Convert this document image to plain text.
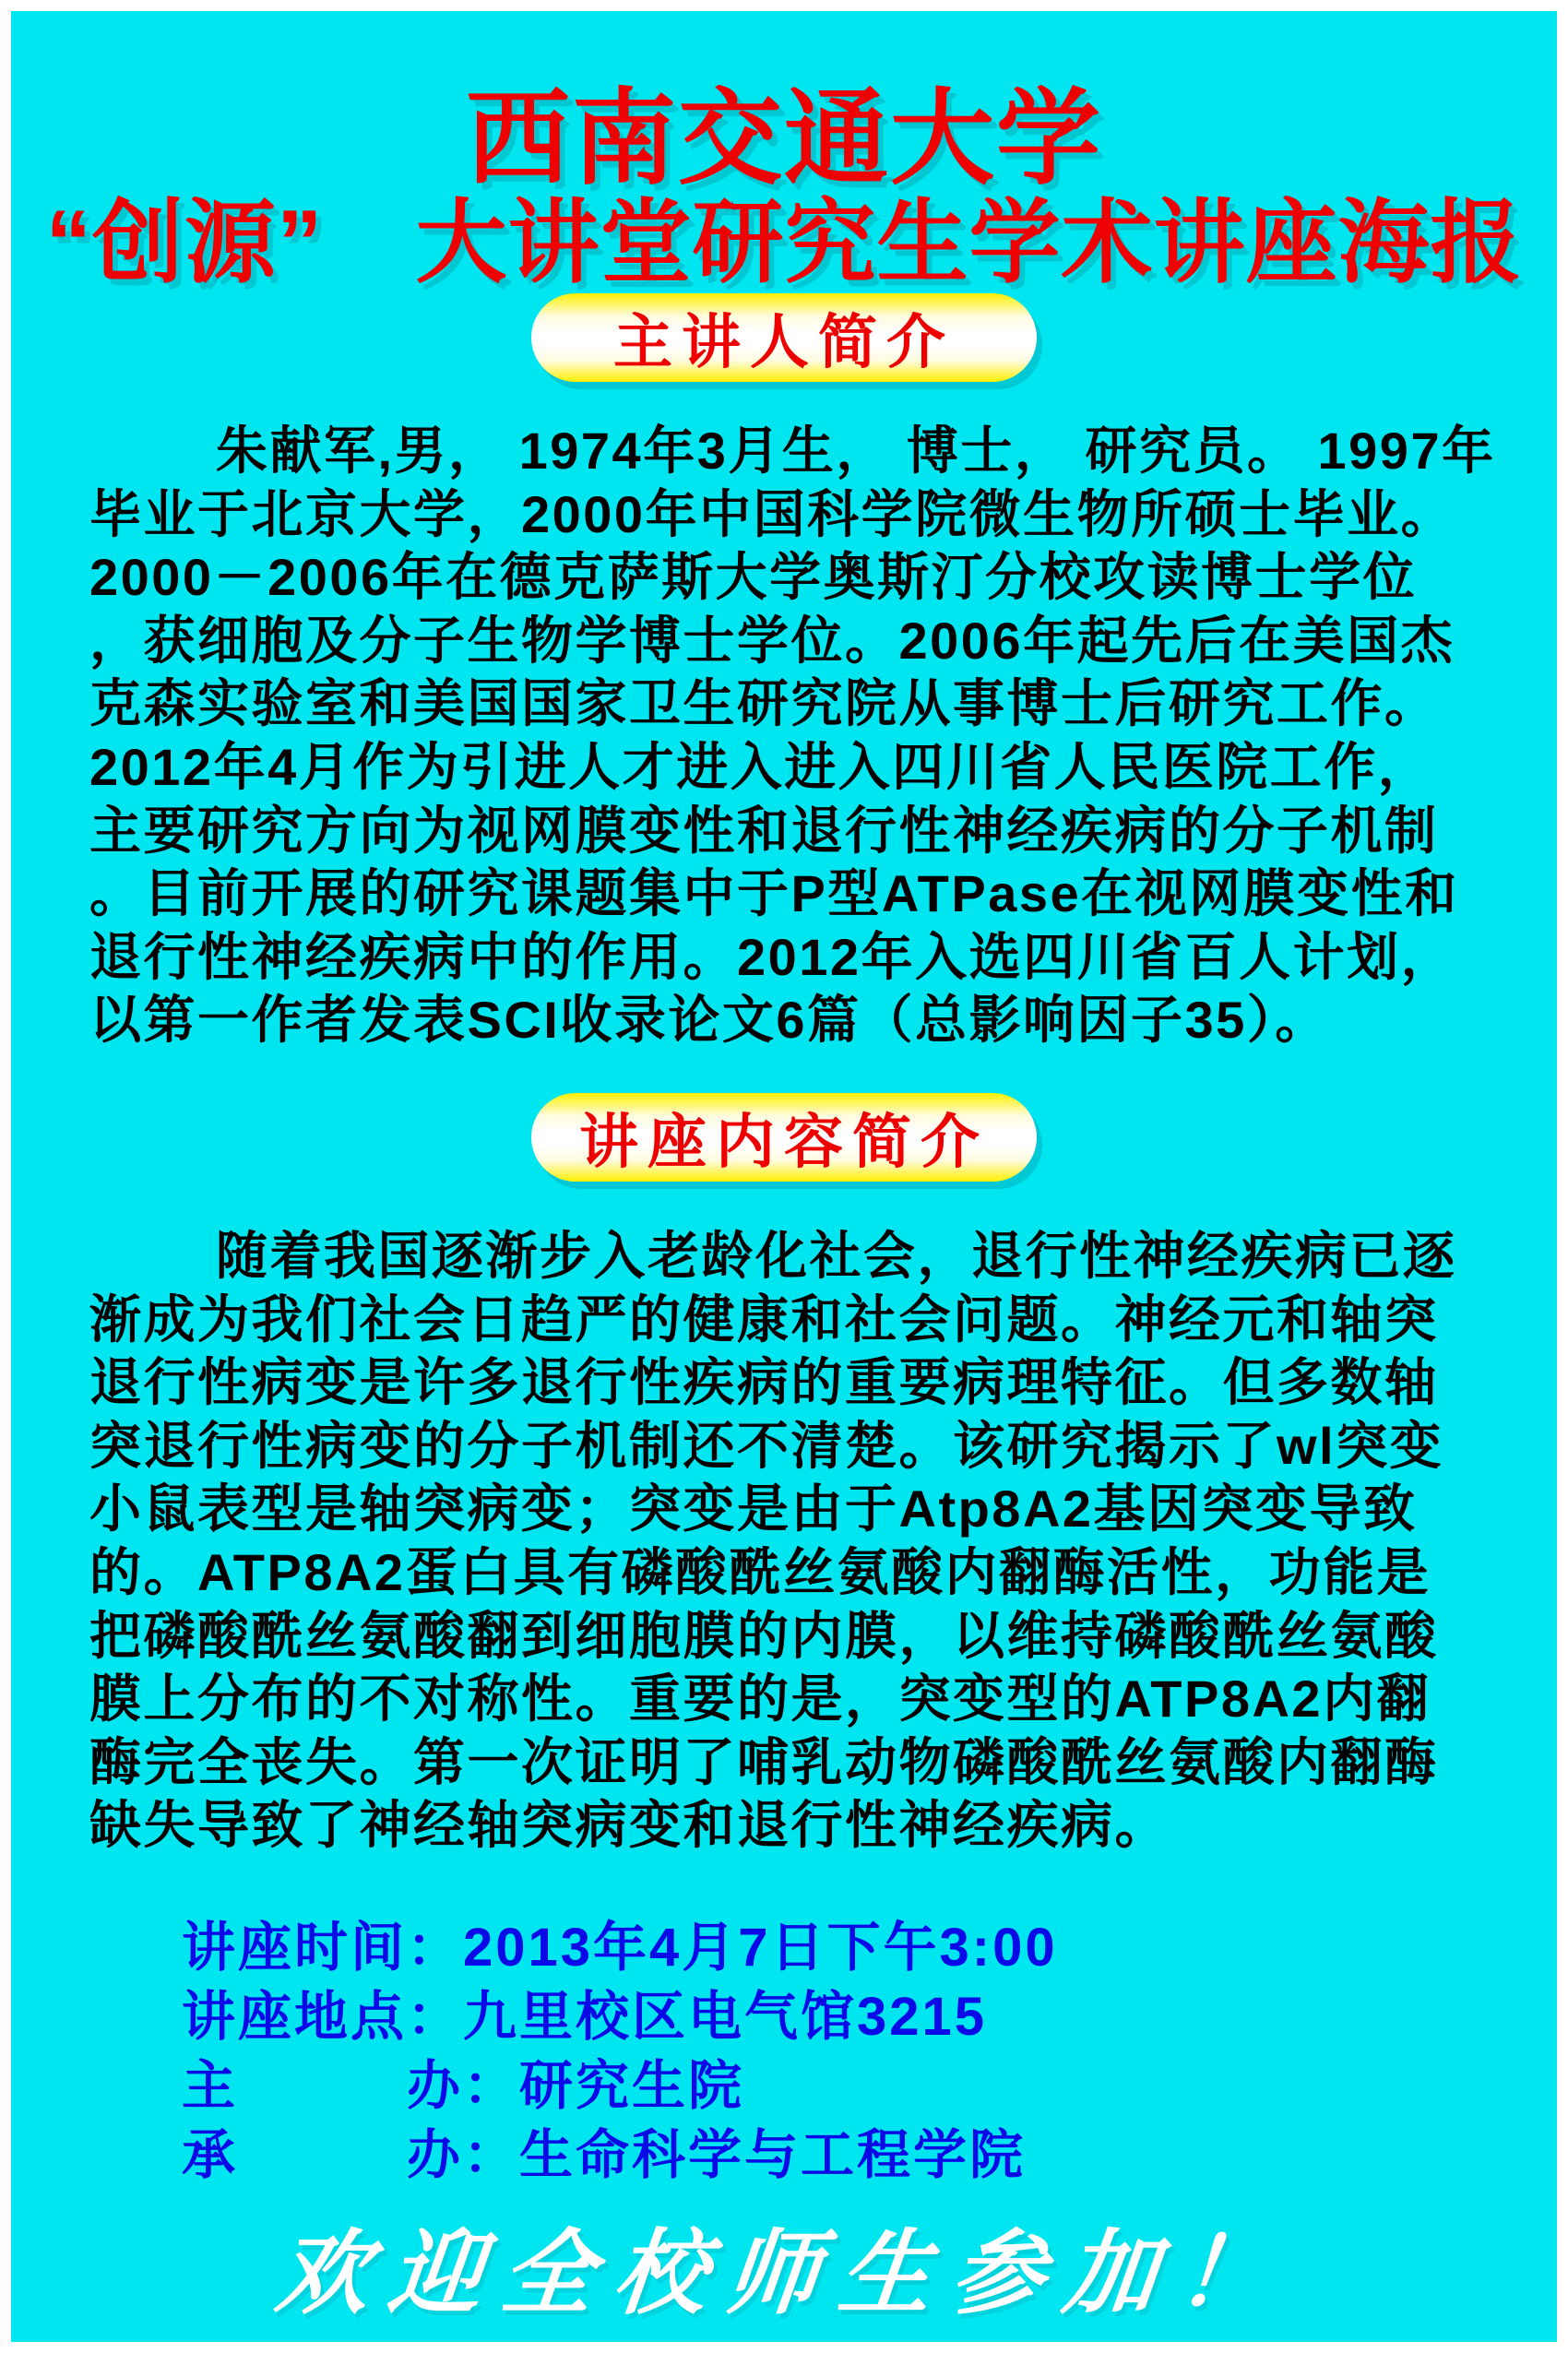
西南交通大学
“创源”　大讲堂研究生学术讲座海报
主讲人简介
朱献军,男， 1974年3月生， 博士， 研究员。 1997年
毕业于北京大学，2000年中国科学院微生物所硕士毕业。
2000－2006年在德克萨斯大学奥斯汀分校攻读博士学位
，获细胞及分子生物学博士学位。2006年起先后在美国杰
克森实验室和美国国家卫生研究院从事博士后研究工作。
2012年4月作为引进人才进入进入四川省人民医院工作，
主要研究方向为视网膜变性和退行性神经疾病的分子机制
。目前开展的研究课题集中于P型ATPase在视网膜变性和
退行性神经疾病中的作用。2012年入选四川省百人计划，
以第一作者发表SCI收录论文6篇（总影响因子35）。
讲座内容简介
随着我国逐渐步入老龄化社会，退行性神经疾病已逐
渐成为我们社会日趋严的健康和社会问题。神经元和轴突
退行性病变是许多退行性疾病的重要病理特征。但多数轴
突退行性病变的分子机制还不清楚。该研究揭示了wl突变
小鼠表型是轴突病变；突变是由于Atp8A2基因突变导致
的。ATP8A2蛋白具有磷酸酰丝氨酸内翻酶活性，功能是
把磷酸酰丝氨酸翻到细胞膜的内膜，以维持磷酸酰丝氨酸
膜上分布的不对称性。重要的是，突变型的ATP8A2内翻
酶完全丧失。第一次证明了哺乳动物磷酸酰丝氨酸内翻酶
缺失导致了神经轴突病变和退行性神经疾病。
讲座时间：2013年4月7日下午3:00
讲座地点：九里校区电气馆3215
主　　　办：研究生院
承　　　办：生命科学与工程学院
欢迎全校师生参加！
